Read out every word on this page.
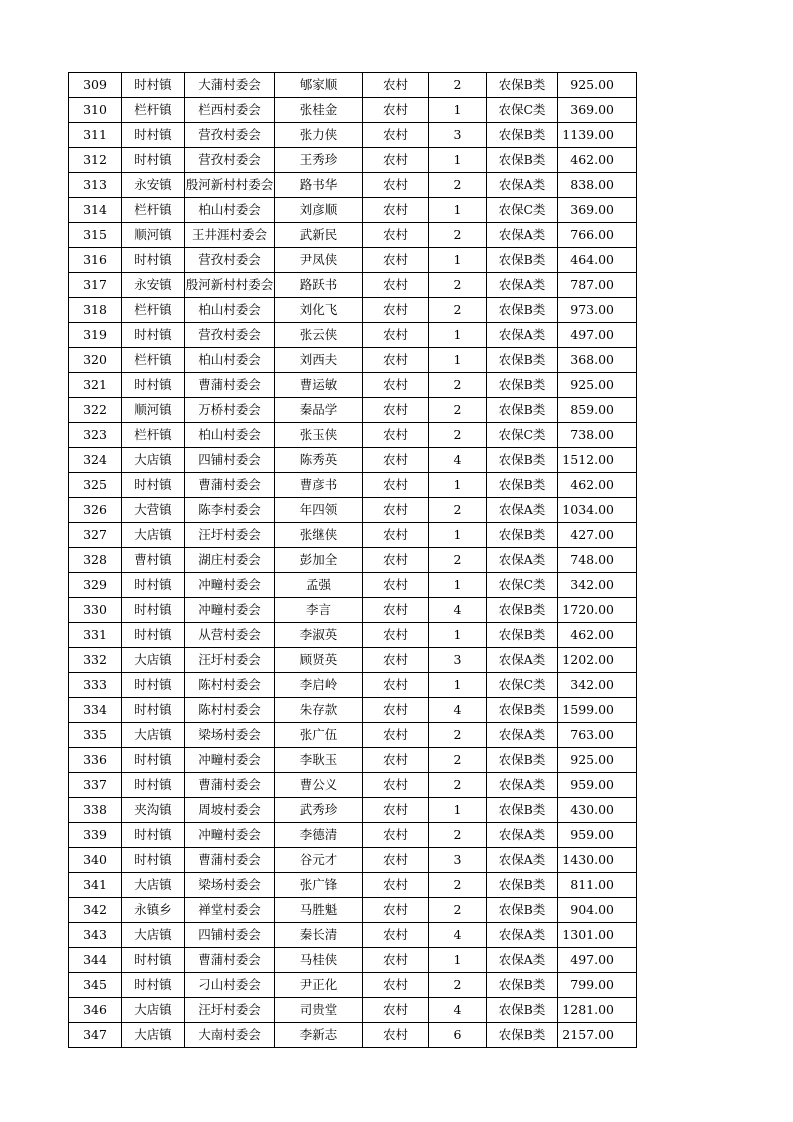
309	时村镇	大蒲村委会	郇家顺	农村	2	农保B类	925.00
310	栏杆镇	栏西村委会	张桂金	农村	1	农保C类	369.00
311	时村镇	营孜村委会	张力侠	农村	3	农保B类	1139.00
312	时村镇	营孜村委会	王秀珍	农村	1	农保B类	462.00
313	永安镇	殷河新村村委会	路书华	农村	2	农保A类	838.00
314	栏杆镇	柏山村委会	刘彦顺	农村	1	农保C类	369.00
315	顺河镇	王井涯村委会	武新民	农村	2	农保A类	766.00
316	时村镇	营孜村委会	尹凤侠	农村	1	农保B类	464.00
317	永安镇	殷河新村村委会	路跃书	农村	2	农保A类	787.00
318	栏杆镇	柏山村委会	刘化飞	农村	2	农保B类	973.00
319	时村镇	营孜村委会	张云侠	农村	1	农保A类	497.00
320	栏杆镇	柏山村委会	刘西夫	农村	1	农保B类	368.00
321	时村镇	曹蒲村委会	曹运敏	农村	2	农保B类	925.00
322	顺河镇	万桥村委会	秦品学	农村	2	农保B类	859.00
323	栏杆镇	柏山村委会	张玉侠	农村	2	农保C类	738.00
324	大店镇	四铺村委会	陈秀英	农村	4	农保B类	1512.00
325	时村镇	曹蒲村委会	曹彦书	农村	1	农保B类	462.00
326	大营镇	陈李村委会	年四领	农村	2	农保A类	1034.00
327	大店镇	汪圩村委会	张继侠	农村	1	农保B类	427.00
328	曹村镇	湖庄村委会	彭加全	农村	2	农保A类	748.00
329	时村镇	冲疃村委会	孟强	农村	1	农保C类	342.00
330	时村镇	冲疃村委会	李言	农村	4	农保B类	1720.00
331	时村镇	从营村委会	李淑英	农村	1	农保B类	462.00
332	大店镇	汪圩村委会	顾贤英	农村	3	农保A类	1202.00
333	时村镇	陈村村委会	李启岭	农村	1	农保C类	342.00
334	时村镇	陈村村委会	朱存款	农村	4	农保B类	1599.00
335	大店镇	梁场村委会	张广伍	农村	2	农保A类	763.00
336	时村镇	冲疃村委会	李耿玉	农村	2	农保B类	925.00
337	时村镇	曹蒲村委会	曹公义	农村	2	农保A类	959.00
338	夹沟镇	周坡村委会	武秀珍	农村	1	农保B类	430.00
339	时村镇	冲疃村委会	李德清	农村	2	农保A类	959.00
340	时村镇	曹蒲村委会	谷元才	农村	3	农保A类	1430.00
341	大店镇	梁场村委会	张广锋	农村	2	农保B类	811.00
342	永镇乡	禅堂村委会	马胜魁	农村	2	农保B类	904.00
343	大店镇	四铺村委会	秦长清	农村	4	农保A类	1301.00
344	时村镇	曹蒲村委会	马桂侠	农村	1	农保A类	497.00
345	时村镇	刁山村委会	尹正化	农村	2	农保B类	799.00
346	大店镇	汪圩村委会	司贵堂	农村	4	农保B类	1281.00
347	大店镇	大南村委会	李新志	农村	6	农保B类	2157.00
